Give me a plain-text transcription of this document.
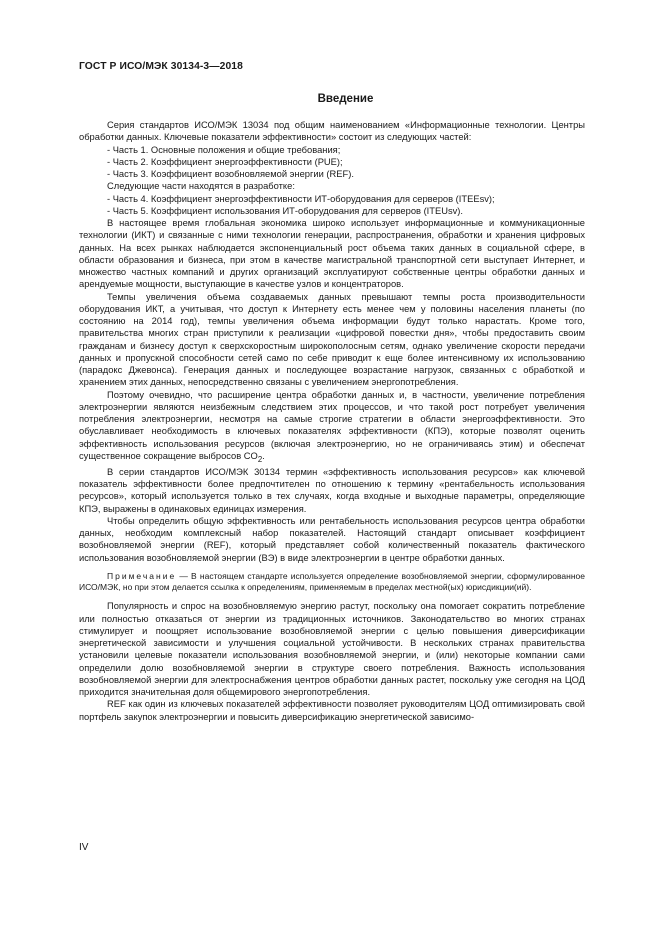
ГОСТ Р ИСО/МЭК 30134-3—2018
Введение

Серия стандартов ИСО/МЭК 13034 под общим наименованием «Информационные технологии. Центры обработки данных. Ключевые показатели эффективности» состоит из следующих частей:

- Часть 1. Основные положения и общие требования;

- Часть 2. Коэффициент энергоэффективности (PUE);

- Часть 3. Коэффициент возобновляемой энергии (REF).

Следующие части находятся в разработке:

- Часть 4. Коэффициент энергоэффективности ИТ-оборудования для серверов (ITEEsv);

- Часть 5. Коэффициент использования ИТ-оборудования для серверов (ITEUsv).

В настоящее время глобальная экономика широко использует информационные и коммуникационные технологии (ИКТ) и связанные с ними технологии генерации, распространения, обработки и хранения цифровых данных. На всех рынках наблюдается экспоненциальный рост объема таких данных в социальной сфере, в области образования и бизнеса, при этом в качестве магистральной транспортной сети выступает Интернет, и множество частных компаний и других организаций эксплуатируют собственные центры обработки данных и арендуемые мощности, выступающие в качестве узлов и концентраторов.

Темпы увеличения объема создаваемых данных превышают темпы роста производительности оборудования ИКТ, а учитывая, что доступ к Интернету есть менее чем у половины населения планеты (по состоянию на 2014 год), темпы увеличения объема информации будут только нарастать. Кроме того, правительства многих стран приступили к реализации «цифровой повестки дня», чтобы предоставить своим гражданам и бизнесу доступ к сверхскоростным широкополосным сетям, однако увеличение скорости передачи данных и пропускной способности сетей само по себе приводит к еще более интенсивному их использованию (парадокс Джевонса). Генерация данных и последующее возрастание нагрузок, связанных с обработкой и хранением этих данных, непосредственно связаны с увеличением энергопотребления.

Поэтому очевидно, что расширение центра обработки данных и, в частности, увеличение потребления электроэнергии являются неизбежным следствием этих процессов, и что такой рост потребует увеличения потребления электроэнергии, несмотря на самые строгие стратегии в области энергоэффективности. Это обуславливает необходимость в ключевых показателях эффективности (КПЭ), которые позволят оценить эффективность использования ресурсов (включая электроэнергию, но не ограничиваясь этим) и обеспечат существенное сокращение выбросов $CO_2$.

В серии стандартов ИСО/МЭК 30134 термин «эффективность использования ресурсов» как ключевой показатель эффективности более предпочтителен по отношению к термину «рентабельность использования ресурсов», который используется только в тех случаях, когда входные и выходные параметры, определяющие КПЭ, выражены в одинаковых единицах измерения.

Чтобы определить общую эффективность или рентабельность использования ресурсов центра обработки данных, необходим комплексный набор показателей. Настоящий стандарт описывает коэффициент возобновляемой энергии (REF), который представляет собой количественный показатель фактического использования возобновляемой энергии (ВЭ) в виде электроэнергии в центре обработки данных.

Примечание — В настоящем стандарте используется определение возобновляемой энергии, сформулированное ИСО/МЭК, но при этом делается ссылка к определениям, применяемым в пределах местной(ых) юрисдикции(ий).

Популярность и спрос на возобновляемую энергию растут, поскольку она помогает сократить потребление или полностью отказаться от энергии из традиционных источников. Законодательство во многих странах стимулирует и поощряет использование возобновляемой энергии с целью повышения диверсификации энергетической зависимости и улучшения социальной устойчивости. В нескольких странах правительства установили целевые показатели использования возобновляемой энергии, и (или) некоторые компании сами определили долю возобновляемой энергии в структуре своего потребления. Важность использования возобновляемой энергии для электроснабжения центров обработки данных растет, поскольку уже сегодня на ЦОД приходится значительная доля общемирового энергопотребления.

REF как один из ключевых показателей эффективности позволяет руководителям ЦОД оптимизировать свой портфель закупок электроэнергии и повысить диверсификацию энергетической зависимо-

IV
